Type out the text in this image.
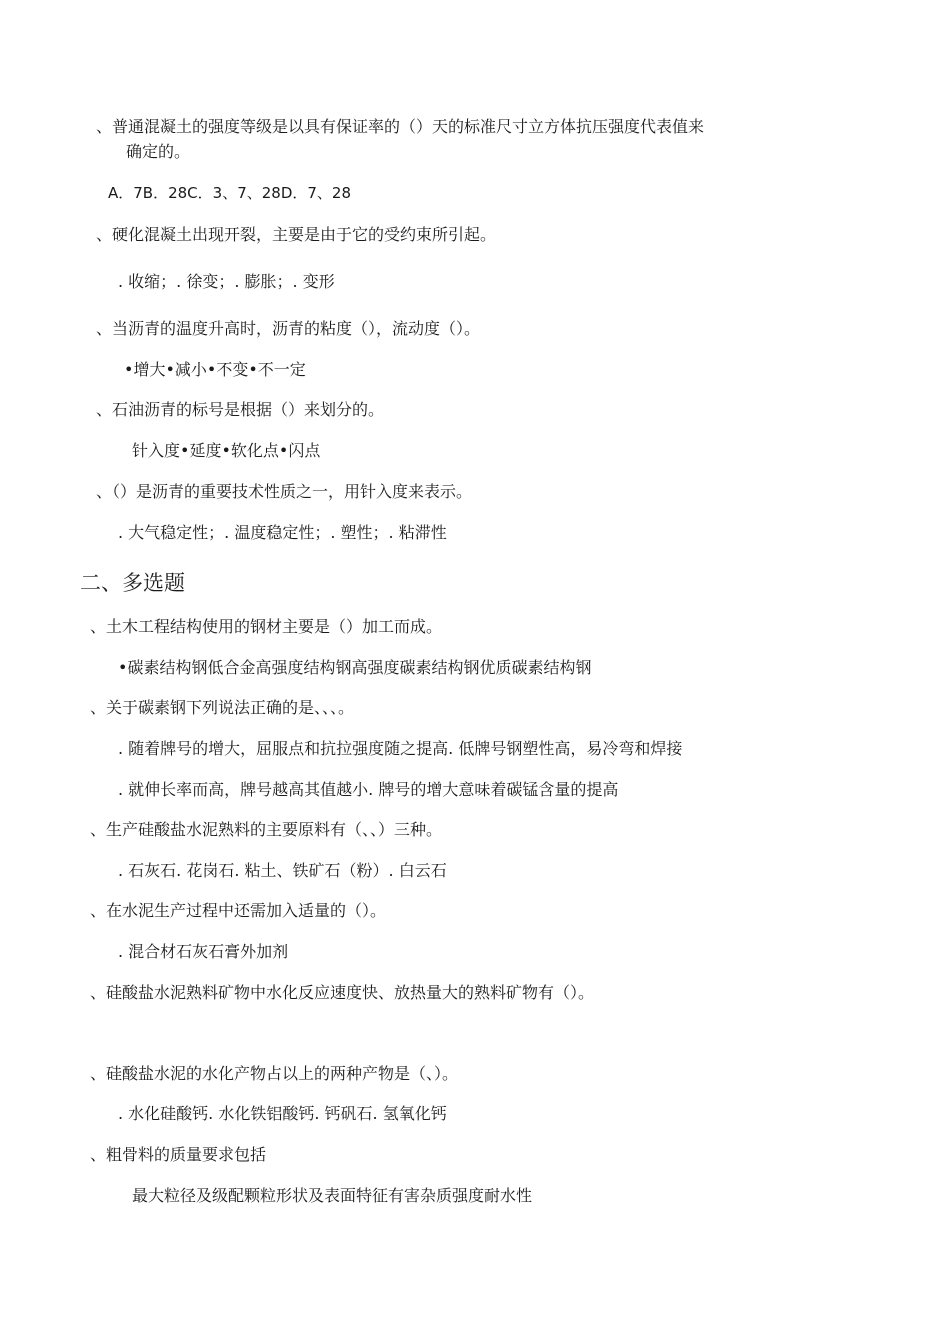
、普通混凝土的强度等级是以具有保证率的（）天的标准尺寸立方体抗压强度代表值来
确定的。
A．7B．28C．3、7、28D．7、28
、硬化混凝土出现开裂，主要是由于它的受约束所引起。
. 收缩；. 徐变；. 膨胀；. 变形
、当沥青的温度升高时，沥青的粘度（），流动度（）。
•增大•减小•不变•不一定
、石油沥青的标号是根据（）来划分的。
针入度•延度•软化点•闪点
、（）是沥青的重要技术性质之一，用针入度来表示。
. 大气稳定性；. 温度稳定性；. 塑性；. 粘滞性
二、多选题
、土木工程结构使用的钢材主要是（）加工而成。
•碳素结构钢低合金高强度结构钢高强度碳素结构钢优质碳素结构钢
、关于碳素钢下列说法正确的是、、、。
. 随着牌号的增大，屈服点和抗拉强度随之提高. 低牌号钢塑性高，易冷弯和焊接
. 就伸长率而高，牌号越高其值越小. 牌号的增大意味着碳锰含量的提高
、生产硅酸盐水泥熟料的主要原料有（、、）三种。
. 石灰石. 花岗石. 粘土、铁矿石（粉）. 白云石
、在水泥生产过程中还需加入适量的（）。
. 混合材石灰石膏外加剂
、硅酸盐水泥熟料矿物中水化反应速度快、放热量大的熟料矿物有（）。
、硅酸盐水泥的水化产物占以上的两种产物是（、）。
. 水化硅酸钙. 水化铁铝酸钙. 钙矾石. 氢氧化钙
、粗骨料的质量要求包括
最大粒径及级配颗粒形状及表面特征有害杂质强度耐水性
